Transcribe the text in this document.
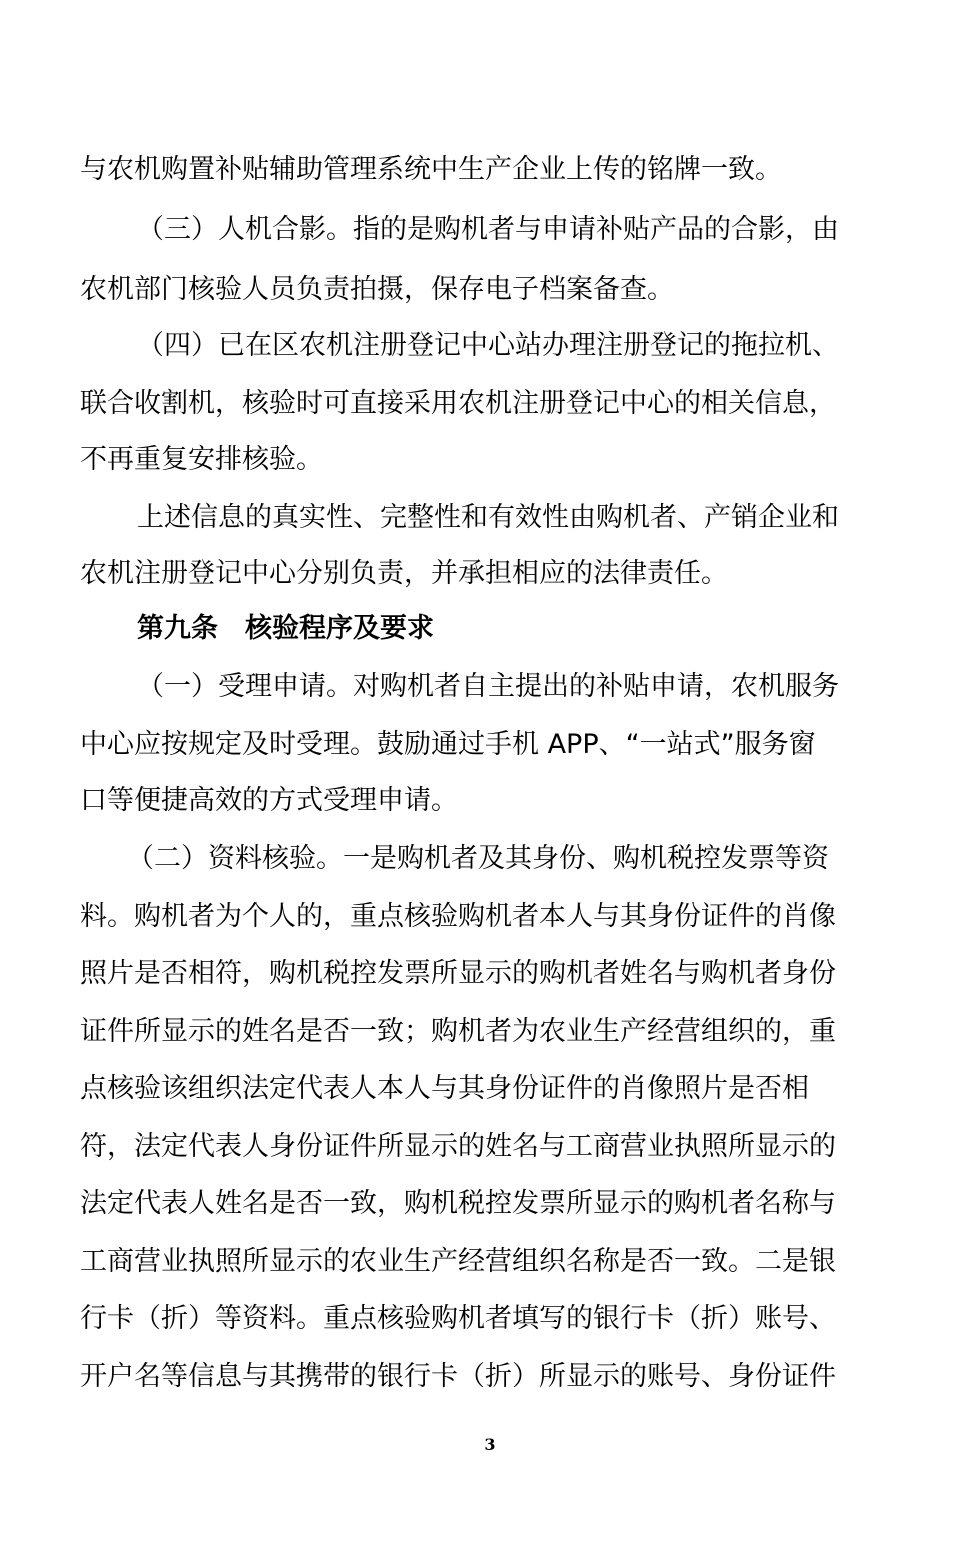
与农机购置补贴辅助管理系统中生产企业上传的铭牌一致。
（三）人机合影。指的是购机者与申请补贴产品的合影，由
农机部门核验人员负责拍摄，保存电子档案备查。
（四）已在区农机注册登记中心站办理注册登记的拖拉机、
联合收割机，核验时可直接采用农机注册登记中心的相关信息，
不再重复安排核验。
上述信息的真实性、完整性和有效性由购机者、产销企业和
农机注册登记中心分别负责，并承担相应的法律责任。
第九条　核验程序及要求
（一）受理申请。对购机者自主提出的补贴申请，农机服务
中心应按规定及时受理。鼓励通过手机 APP、“一站式”服务窗
口等便捷高效的方式受理申请。
（二）资料核验。一是购机者及其身份、购机税控发票等资
料。购机者为个人的，重点核验购机者本人与其身份证件的肖像
照片是否相符，购机税控发票所显示的购机者姓名与购机者身份
证件所显示的姓名是否一致；购机者为农业生产经营组织的，重
点核验该组织法定代表人本人与其身份证件的肖像照片是否相
符，法定代表人身份证件所显示的姓名与工商营业执照所显示的
法定代表人姓名是否一致，购机税控发票所显示的购机者名称与
工商营业执照所显示的农业生产经营组织名称是否一致。二是银
行卡（折）等资料。重点核验购机者填写的银行卡（折）账号、
开户名等信息与其携带的银行卡（折）所显示的账号、身份证件
3
